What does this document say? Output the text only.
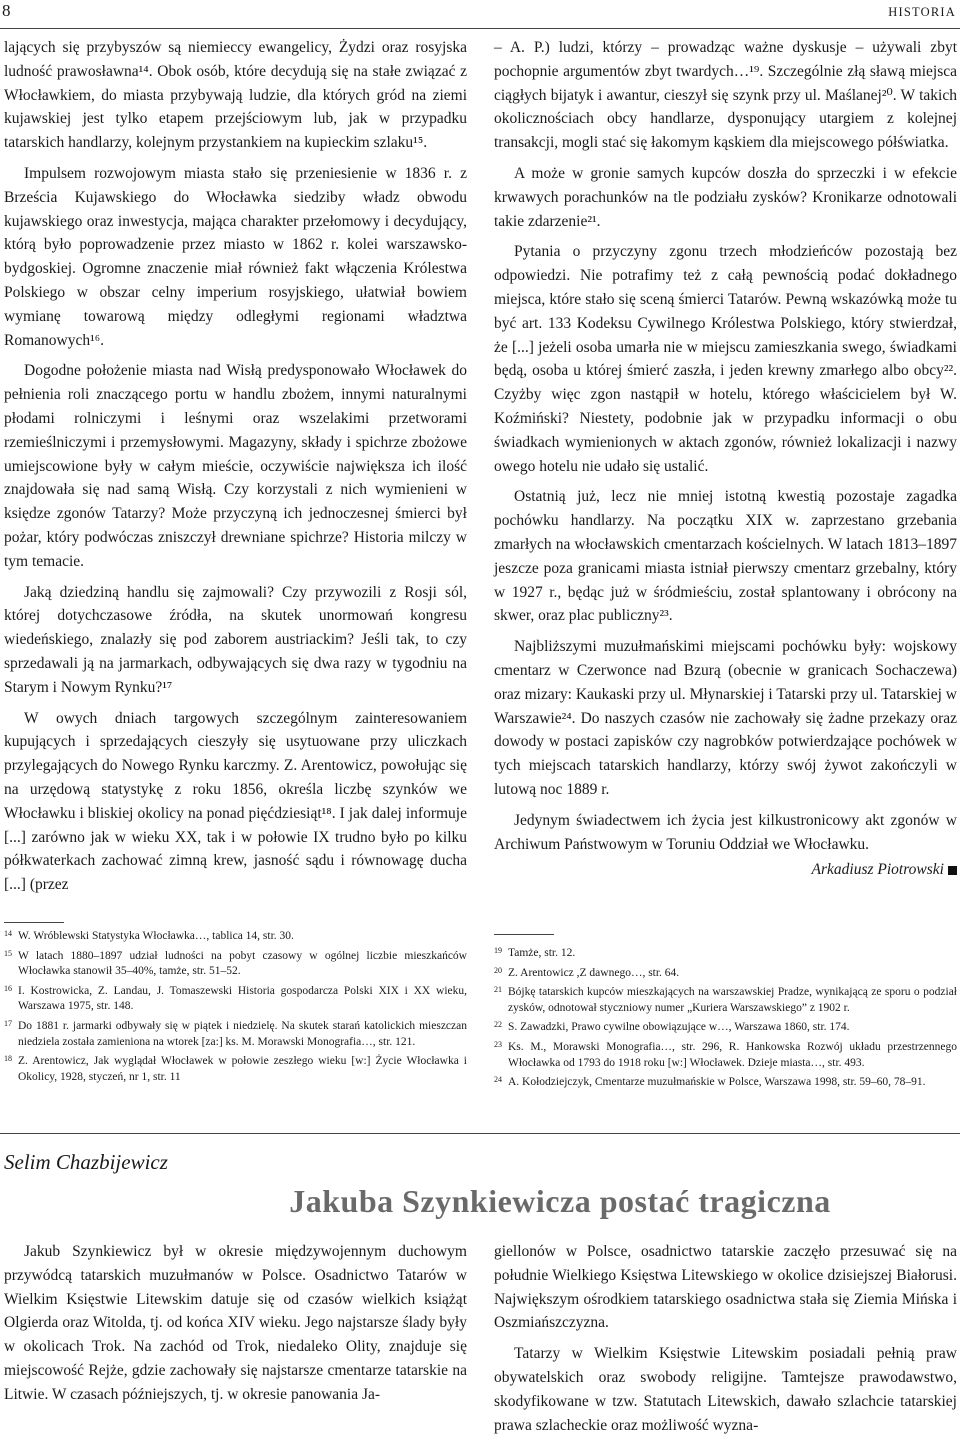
8	HISTORIA

lających się przybyszów są niemieccy ewangelicy, Żydzi oraz rosyjska ludność prawosławna¹⁴. Obok osób, które decydują się na stałe związać z Włocławkiem, do miasta przybywają ludzie, dla których gród na ziemi kujawskiej jest tylko etapem przejściowym lub, jak w przypadku tatarskich handlarzy, kolejnym przystankiem na kupieckim szlaku¹⁵.

Impulsem rozwojowym miasta stało się przeniesienie w 1836 r. z Brześcia Kujawskiego do Włocławka siedziby władz obwodu kujawskiego oraz inwestycja, mająca charakter przełomowy i decydujący, którą było poprowadzenie przez miasto w 1862 r. kolei warszawsko-bydgoskiej. Ogromne znaczenie miał również fakt włączenia Królestwa Polskiego w obszar celny imperium rosyjskiego, ułatwiał bowiem wymianę towarową między odległymi regionami władztwa Romanowych¹⁶.

Dogodne położenie miasta nad Wisłą predysponowało Włocławek do pełnienia roli znaczącego portu w handlu zbożem, innymi naturalnymi płodami rolniczymi i leśnymi oraz wszelakimi przetworami rzemieślniczymi i przemysłowymi. Magazyny, składy i spichrze zbożowe umiejscowione były w całym mieście, oczywiście największa ich ilość znajdowała się nad samą Wisłą. Czy korzystali z nich wymienieni w księdze zgonów Tatarzy? Może przyczyną ich jednoczesnej śmierci był pożar, który podwóczas zniszczył drewniane spichrze? Historia milczy w tym temacie.

Jaką dziedziną handlu się zajmowali? Czy przywozili z Rosji sól, której dotychczasowe źródła, na skutek unormowań kongresu wiedeńskiego, znalazły się pod zaborem austriackim? Jeśli tak, to czy sprzedawali ją na jarmarkach, odbywających się dwa razy w tygodniu na Starym i Nowym Rynku?¹⁷

W owych dniach targowych szczególnym zainteresowaniem kupujących i sprzedających cieszyły się usytuowane przy uliczkach przylegających do Nowego Rynku karczmy. Z. Arentowicz, powołując się na urzędową statystykę z roku 1856, określa liczbę szynków we Włocławku i bliskiej okolicy na ponad pięćdziesiąt¹⁸. I jak dalej informuje [...] zarówno jak w wieku XX, tak i w połowie IX trudno było po kilku półkwaterkach zachować zimną krew, jasność sądu i równowagę ducha [...] (przez

14 W. Wróblewski Statystyka Włocławka…, tablica 14, str. 30.
15 W latach 1880–1897 udział ludności na pobyt czasowy w ogólnej liczbie mieszkańców Włocławka stanowił 35–40%, tamże, str. 51–52.
16 I. Kostrowicka, Z. Landau, J. Tomaszewski Historia gospodarcza Polski XIX i XX wieku, Warszawa 1975, str. 148.
17 Do 1881 r. jarmarki odbywały się w piątek i niedzielę. Na skutek starań katolickich mieszczan niedziela została zamieniona na wtorek [za:] ks. M. Morawski Monografia…, str. 121.
18 Z. Arentowicz, Jak wyglądał Włocławek w połowie zeszłego wieku [w:] Życie Włocławka i Okolicy, 1928, styczeń, nr 1, str. 11

– A. P.) ludzi, którzy – prowadząc ważne dyskusje – używali zbyt pochopnie argumentów zbyt twardych…¹⁹. Szczególnie złą sławą miejsca ciągłych bijatyk i awantur, cieszył się szynk przy ul. Maślanej²⁰. W takich okolicznościach obcy handlarze, dysponujący utargiem z kolejnej transakcji, mogli stać się łakomym kąskiem dla miejscowego półświatka.

A może w gronie samych kupców doszła do sprzeczki i w efekcie krwawych porachunków na tle podziału zysków? Kronikarze odnotowali takie zdarzenie²¹.

Pytania o przyczyny zgonu trzech młodzieńców pozostają bez odpowiedzi. Nie potrafimy też z całą pewnością podać dokładnego miejsca, które stało się sceną śmierci Tatarów. Pewną wskazówką może tu być art. 133 Kodeksu Cywilnego Królestwa Polskiego, który stwierdzał, że [...] jeżeli osoba umarła nie w miejscu zamieszkania swego, świadkami będą, osoba u której śmierć zaszła, i jeden krewny zmarłego albo obcy²². Czyżby więc zgon nastąpił w hotelu, którego właścicielem był W. Koźmiński? Niestety, podobnie jak w przypadku informacji o obu świadkach wymienionych w aktach zgonów, również lokalizacji i nazwy owego hotelu nie udało się ustalić.

Ostatnią już, lecz nie mniej istotną kwestią pozostaje zagadka pochówku handlarzy. Na początku XIX w. zaprzestano grzebania zmarłych na włocławskich cmentarzach kościelnych. W latach 1813–1897 jeszcze poza granicami miasta istniał pierwszy cmentarz grzebalny, który w 1927 r., będąc już w śródmieściu, został splantowany i obrócony na skwer, oraz plac publiczny²³.

Najbliższymi muzułmańskimi miejscami pochówku były: wojskowy cmentarz w Czerwonce nad Bzurą (obecnie w granicach Sochaczewa) oraz mizary: Kaukaski przy ul. Młynarskiej i Tatarski przy ul. Tatarskiej w Warszawie²⁴. Do naszych czasów nie zachowały się żadne przekazy oraz dowody w postaci zapisków czy nagrobków potwierdzające pochówek w tych miejscach tatarskich handlarzy, którzy swój żywot zakończyli w lutową noc 1889 r.

Jedynym świadectwem ich życia jest kilkustronicowy akt zgonów w Archiwum Państwowym w Toruniu Oddział we Włocławku.

Arkadiusz Piotrowski
19 Tamże, str. 12.
20 Z. Arentowicz ,Z dawnego…, str. 64.
21 Bójkę tatarskich kupców mieszkających na warszawskiej Pradze, wynikającą ze sporu o podział zysków, odnotował styczniowy numer „Kuriera Warszawskiego” z 1902 r.
22 S. Zawadzki, Prawo cywilne obowiązujące w…, Warszawa 1860, str. 174.
23 Ks. M., Morawski Monografia…, str. 296, R. Hankowska Rozwój układu przestrzennego Włocławka od 1793 do 1918 roku [w:] Włocławek. Dzieje miasta…, str. 493.
24 A. Kołodziejczyk, Cmentarze muzułmańskie w Polsce, Warszawa 1998, str. 59–60, 78–91.
Selim Chazbijewicz
Jakuba Szynkiewicza postać tragiczna

Jakub Szynkiewicz był w okresie międzywojennym duchowym przywódcą tatarskich muzułmanów w Polsce. Osadnictwo Tatarów w Wielkim Księstwie Litewskim datuje się od czasów wielkich książąt Olgierda oraz Witolda, tj. od końca XIV wieku. Jego najstarsze ślady były w okolicach Trok. Na zachód od Trok, niedaleko Olity, znajduje się miejscowość Rejże, gdzie zachowały się najstarsze cmentarze tatarskie na Litwie. W czasach późniejszych, tj. w okresie panowania Ja-

giellonów w Polsce, osadnictwo tatarskie zaczęło przesuwać się na południe Wielkiego Księstwa Litewskiego w okolice dzisiejszej Białorusi. Największym ośrodkiem tatarskiego osadnictwa stała się Ziemia Mińska i Oszmiańszczyzna.

Tatarzy w Wielkim Księstwie Litewskim posiadali pełnią praw obywatelskich oraz swobody religijne. Tamtejsze prawodawstwo, skodyfikowane w tzw. Statutach Litewskich, dawało szlachcie tatarskiej prawa szlacheckie oraz możliwość wyzna-
